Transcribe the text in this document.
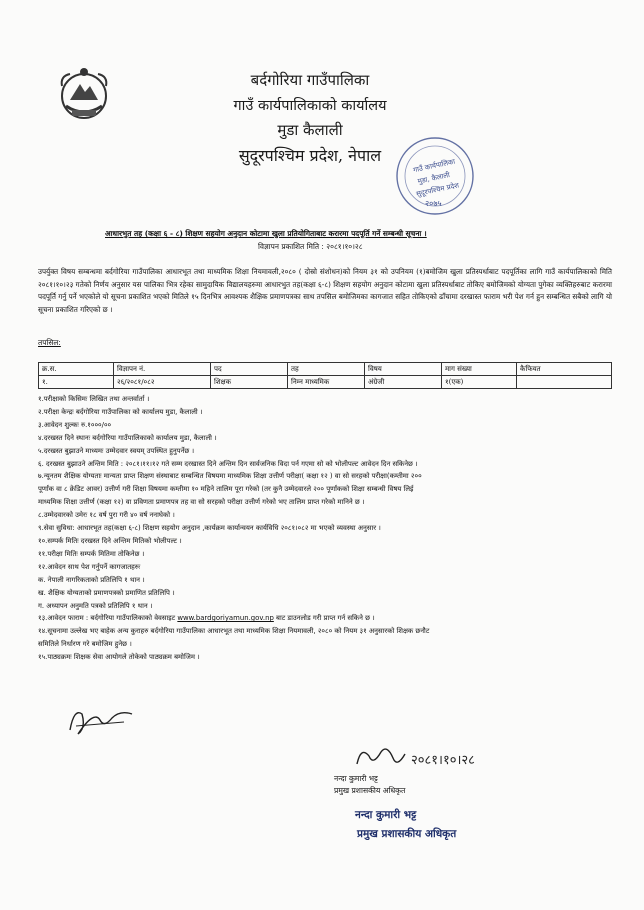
बर्दगोरिया गाउँपालिका
गाउँ कार्यपालिकाको कार्यालय
मुडा कैलाली
सुदूरपश्चिम प्रदेश, नेपाल
गाउँ कार्यपालिका
मुडा, कैलाली
सुदूरपश्चिम प्रदेश
२०७५
आधारभुत तह (कक्षा ६ - ८) शिक्षण सहयोग अनुदान कोटामा खुला प्रतियोगिताबाट करारमा पदपूर्ति गर्ने सम्बन्धी सूचना ।
विज्ञापन प्रकाशित मिति : २०८१।१०।२८
उपर्युक्त विषय सम्बन्धमा बर्दगोरिया गाउँपालिका आधारभूत तथा माध्यमिक शिक्षा नियमावली,२०८० ( दोस्रो संशोधन)को नियम ३१ को उपनियम (१)बमोजिम खुला प्रतिस्पर्धाबाट पदपूर्तिका लागि गाउँ कार्यपालिकाको मिति २०८१।१०।२३ गतेको निर्णय अनुसार यस पालिका भित्र रहेका सामुदायिक विद्यालयहरुमा आधारभुत तह(कक्षा ६-८) शिक्षण सहयोग अनुदान कोटामा खुला प्रतिस्पर्धाबाट तोकिए बमोजिमको योग्यता पुगेका व्यक्तिहरुबाट करारमा पदपूर्ति गर्नु पर्ने भएकोले यो सूचना प्रकाशित भएको मितिले १५ दिनभित्र आवश्यक शैक्षिक प्रमाणपत्रका साथ तपसिल बमोजिमका कागजात सहित तोकिएको ढाँचामा दरखास्त फाराम भरी पेश गर्न हुन सम्बन्धित सबैको लागि यो सूचना प्रकाशित गरिएको छ ।
तपसिल:
क्र.स.	विज्ञापन नं.	पद	तह	विषय	माग संख्या	कैफियत
१.	२६/२०८१/०८२	शिक्षक	निम्न माध्यमिक	अंग्रेजी	१(एक)	
१.परीक्षाको किसिमः लिखित तथा अन्तर्वार्ता ।
२.परीक्षा केन्द्रः बर्दगोरिया गाउँपालिका को कार्यालय मुडा, कैलाली ।
३.आवेदन शुल्कः रु.१०००/००
४.दरखस्त दिने स्थानः बर्दगोरिया गाउँपालिकाको कार्यालय मुडा, कैलाली ।
५.दरखस्त बुझाउने माध्यमः उम्मेदवार स्वयम् उपस्थित हुनुपर्नेछ ।
६. दरखस्त बुझाउने अन्तिम मिति : २०८१।११।१२ गते सम्म दरखास्त दिने अन्तिम दिन सार्वजनिक विदा पर्न गएमा सो को भोलीपल्ट आवेदन दिन सकिनेछ ।
७.न्यूनतम शैक्षिक योग्यताः मान्यता प्राप्त शिक्षण संस्थाबाट सम्बन्धित विषयमा माध्यमिक शिक्षा उत्तीर्ण परीक्षा( कक्षा १२ ) वा सो सरहको परीक्षा(कम्तीमा २००
पूर्णांक वा ८ क्रेडिट आवर) उत्तीर्ण गरी शिक्षा विषयमा कम्तीमा १० महिने तालिम पूरा गरेको (तर कुनै उम्मेदवारले २०० पूर्णांकको शिक्षा सम्बन्धी विषय लिई
माध्यमिक शिक्षा उत्तीर्ण (कक्षा १२) वा प्रविणता प्रमाणपत्र तह वा सो सरहको परीक्षा उत्तीर्ण गरेको भए तालिम प्राप्त गरेको मानिने छ ।
८.उम्मेदवारको उमेरः १८ वर्ष पुरा गरी ४० वर्ष ननाघेको ।
९.सेवा सुविधा: आधारभूत तह(कक्षा ६-८) शिक्षण सहयोग अनुदान ,कार्यक्रम कार्यान्वयन कार्यविधि २०८१।०८२ मा भएको व्यवस्था अनुसार ।
१०.सम्पर्क मितिः दरखस्त दिने अन्तिम मितिको भोलीपल्ट ।
११.परीक्षा मितिः सम्पर्क मितिमा तोकिनेछ ।
१२.आवेदन साथ पेश गर्नुपर्ने कागजातहरुः
क. नेपाली नागरिकताको प्रतिलिपि १ थान ।
ख. शैक्षिक योग्यताको प्रमाणपत्रको प्रमाणित प्रतिलिपि ।
ग. अध्यापन अनुमति पत्रको प्रतिलिपि १ थान ।
१३.आवेदन फाराम : बर्दगोरिया गाउँपालिकाको वेवसाइट www.bardgoriyamun.gov.np बाट डाउनलोड गरी प्राप्त गर्न सकिने छ ।
१४.सूचनामा उल्लेख भए बाहेक अन्य कुराहरु बर्दगोरिया गाउँपालिका आधारभूत तथा माध्यमिक शिक्षा नियमावली, २०८० को नियम ३१ अनुसारको शिक्षक छनौट
समितिले निर्धारण गरे बमोजिम हुनेछ ।
१५.पाठ्यक्रमः शिक्षक सेवा आयोगले तोकेको पाठ्यक्रम बमोजिम ।
२०८१।१०।२८
नन्दा कुमारी भट्ट
प्रमुख प्रशासकीय अधिकृत
नन्दा कुमारी भट्ट
प्रमुख प्रशासकीय अधिकृत
